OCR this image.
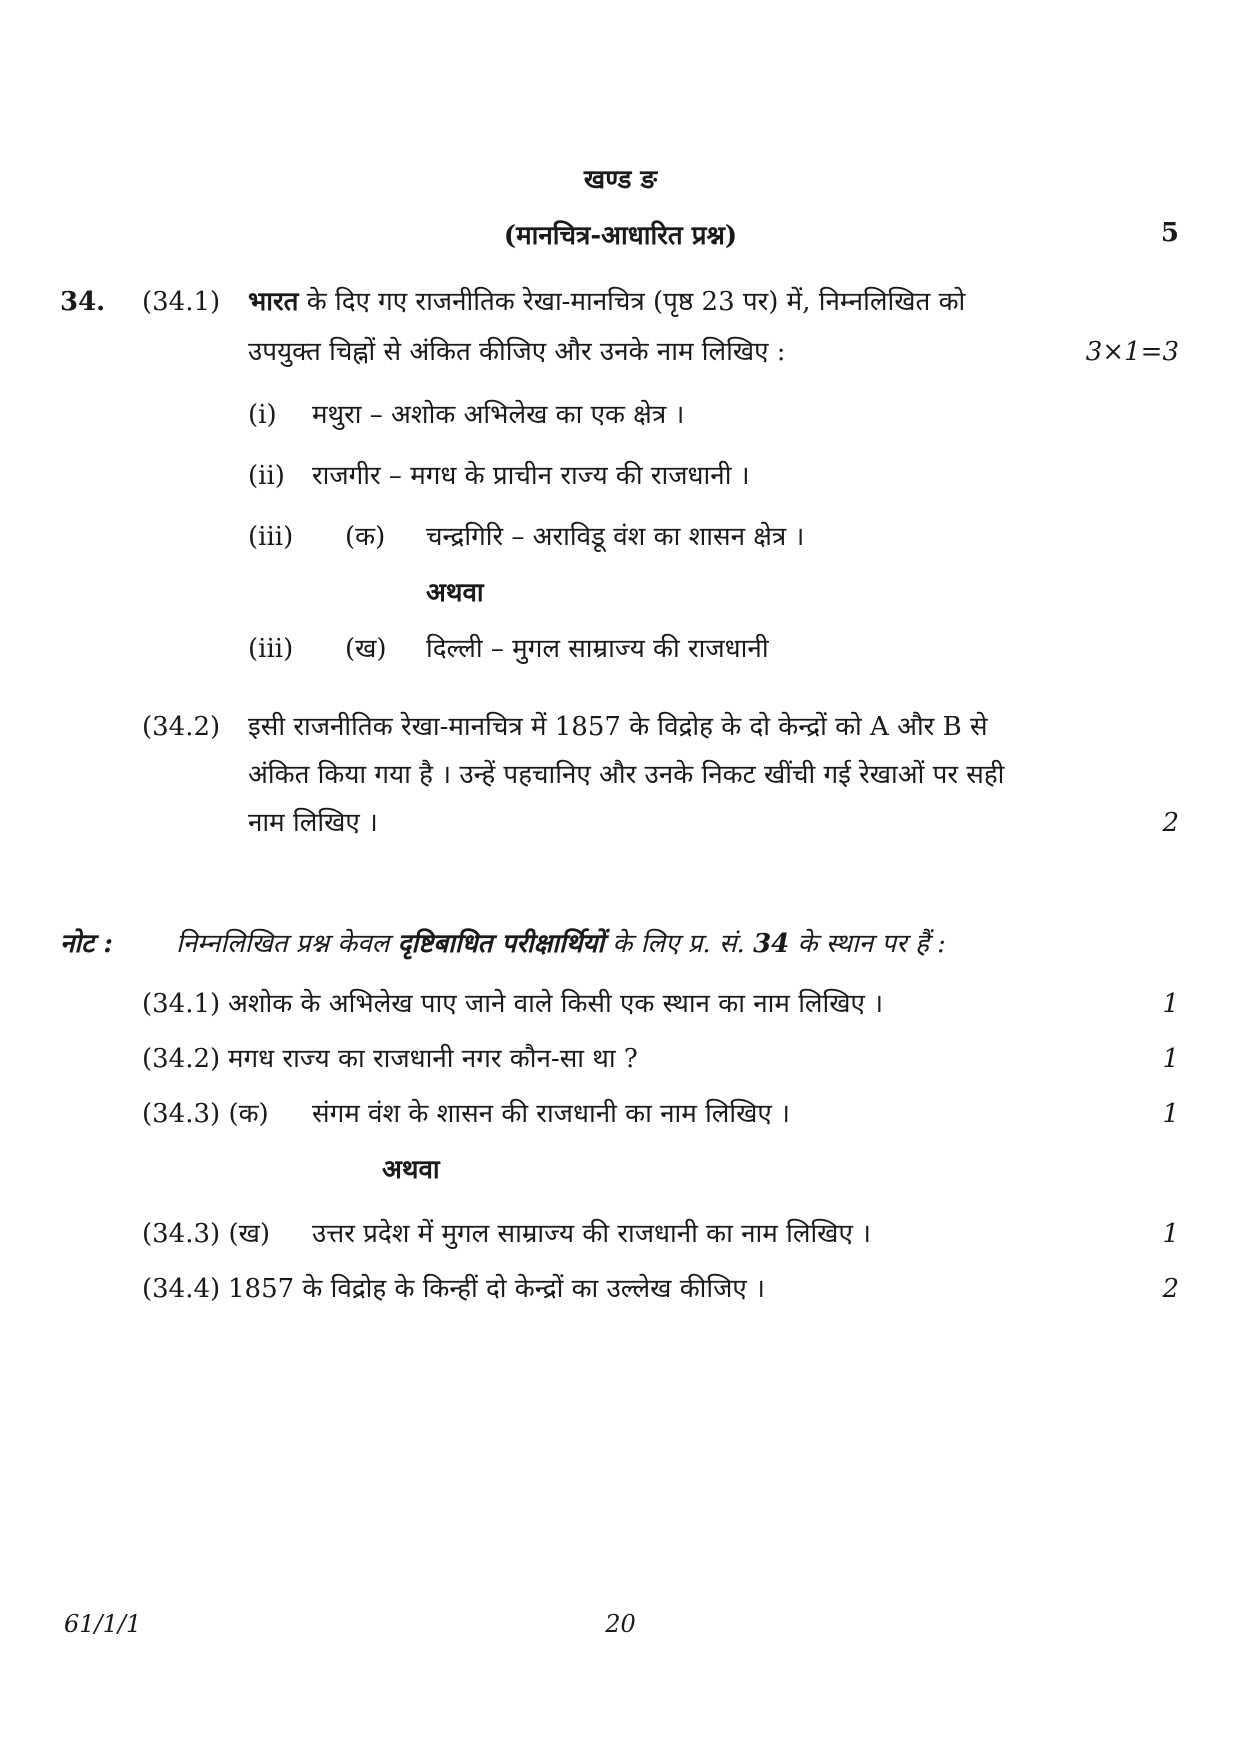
खण्ड ङ
(मानचित्र-आधारित प्रश्न)	5
34. (34.1) भारत के दिए गए राजनीतिक रेखा-मानचित्र (पृष्ठ 23 पर) में, निम्नलिखित को
उपयुक्त चिह्नों से अंकित कीजिए और उनके नाम लिखिए :	3×1=3
(i) मथुरा – अशोक अभिलेख का एक क्षेत्र ।
(ii) राजगीर – मगध के प्राचीन राज्य की राजधानी ।
(iii) (क) चन्द्रगिरि – अराविडू वंश का शासन क्षेत्र ।
अथवा
(iii) (ख) दिल्ली – मुगल साम्राज्य की राजधानी
(34.2) इसी राजनीतिक रेखा-मानचित्र में 1857 के विद्रोह के दो केन्द्रों को A और B से
अंकित किया गया है । उन्हें पहचानिए और उनके निकट खींची गई रेखाओं पर सही
नाम लिखिए ।	2
नोट : निम्नलिखित प्रश्न केवल दृष्टिबाधित परीक्षार्थियों के लिए प्र. सं. 34 के स्थान पर हैं :
(34.1) अशोक के अभिलेख पाए जाने वाले किसी एक स्थान का नाम लिखिए ।	1
(34.2) मगध राज्य का राजधानी नगर कौन-सा था ?	1
(34.3) (क) संगम वंश के शासन की राजधानी का नाम लिखिए ।	1
अथवा
(34.3) (ख) उत्तर प्रदेश में मुगल साम्राज्य की राजधानी का नाम लिखिए ।	1
(34.4) 1857 के विद्रोह के किन्हीं दो केन्द्रों का उल्लेख कीजिए ।	2
61/1/1	20
